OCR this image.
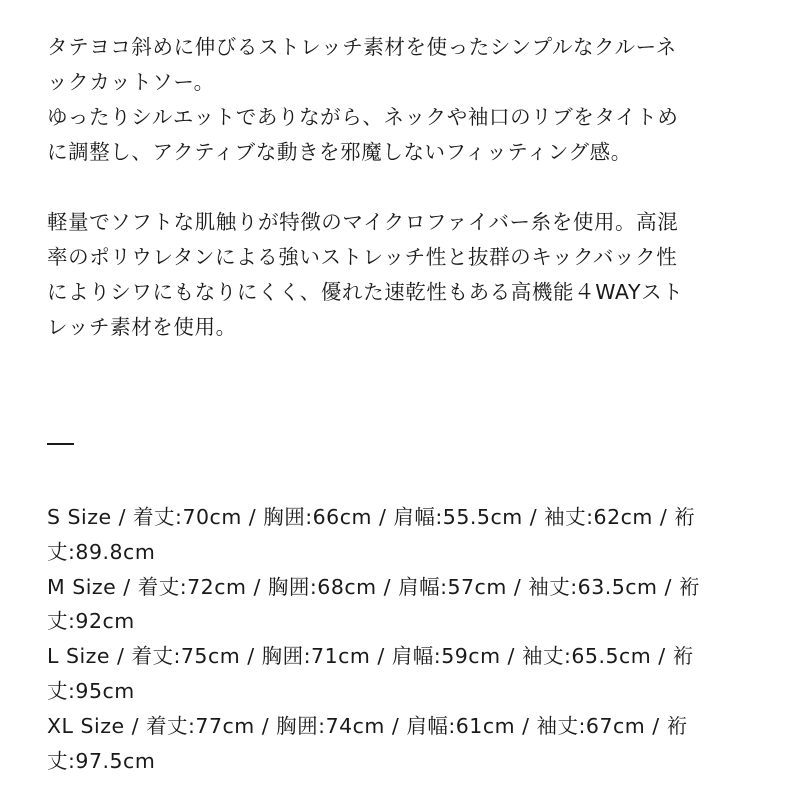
タテヨコ斜めに伸びるストレッチ素材を使ったシンプルなクルーネ

ックカットソー。

ゆったりシルエットでありながら、ネックや袖口のリブをタイトめ

に調整し、アクティブな動きを邪魔しないフィッティング感。

軽量でソフトな肌触りが特徴のマイクロファイバー糸を使用。高混

率のポリウレタンによる強いストレッチ性と抜群のキックバック性

によりシワにもなりにくく、優れた速乾性もある高機能４WAYスト

レッチ素材を使用。

S Size / 着丈:70cm / 胸囲:66cm / 肩幅:55.5cm / 袖丈:62cm / 裄

丈:89.8cm

M Size / 着丈:72cm / 胸囲:68cm / 肩幅:57cm / 袖丈:63.5cm / 裄

丈:92cm

L Size / 着丈:75cm / 胸囲:71cm / 肩幅:59cm / 袖丈:65.5cm / 裄

丈:95cm

XL Size / 着丈:77cm / 胸囲:74cm / 肩幅:61cm / 袖丈:67cm / 裄

丈:97.5cm
